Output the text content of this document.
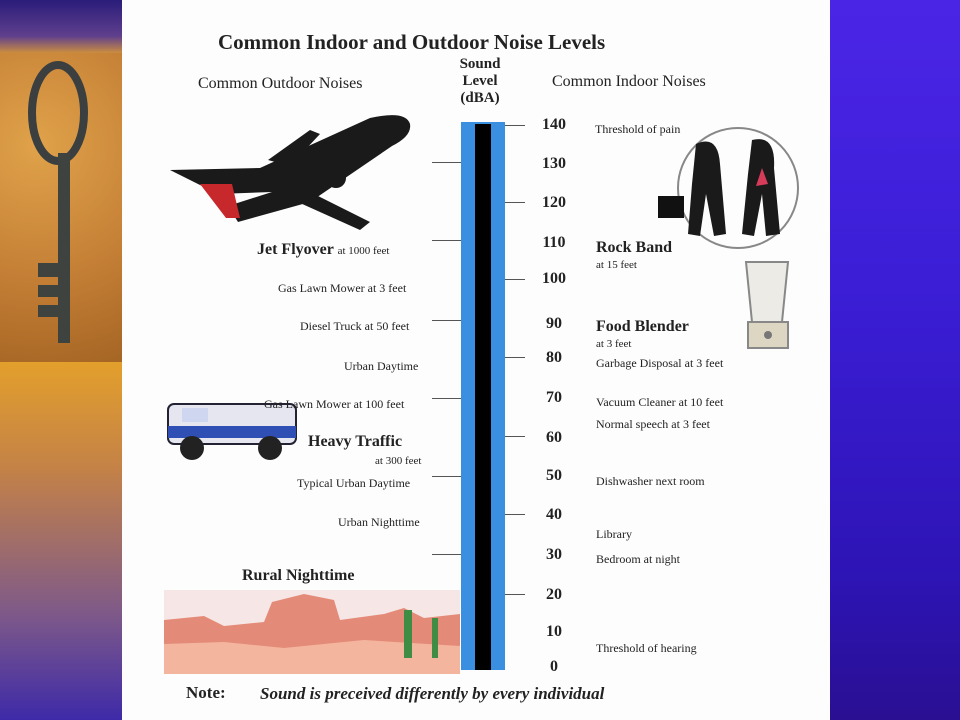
Common Indoor and Outdoor Noise Levels
Common Outdoor Noises	Common Indoor Noises
Sound
Level
(dBA)
140
130
120
110
100
90
80
70
60
50
40
30
20
10
0
Jet Flyover at 1000 feet
Gas Lawn Mower at 3 feet
Diesel Truck at 50 feet
Urban Daytime
Gas Lawn Mower at 100 feet
Heavy Traffic
at 300 feet
Typical Urban Daytime
Urban Nighttime
Rural Nighttime
Threshold of pain
Rock Band
at 15 feet
Food Blender
at 3 feet
Garbage Disposal at 3 feet
Vacuum Cleaner at 10 feet
Normal speech at 3 feet
Dishwasher next room
Library
Bedroom at night
Threshold of hearing
Note: Sound is preceived differently by every individual
